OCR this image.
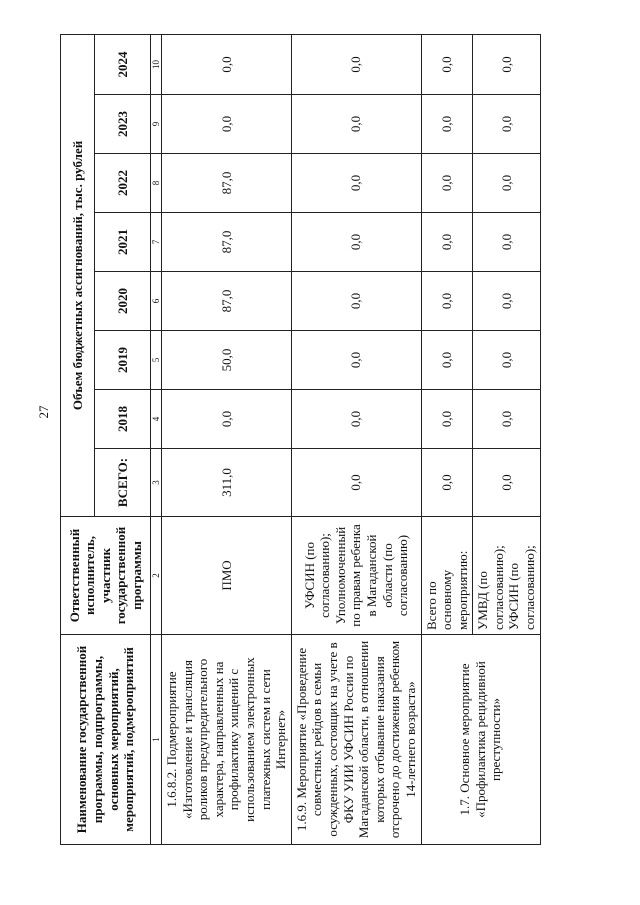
27
Наименование государственной программы, подпрограммы, основных мероприятий, мероприятий, подмероприятий	Ответственный исполнитель, участник государственной программы	Объем бюджетных ассигнований, тыс. рублей							
		ВСЕГО:	2018	2019	2020	2021	2022	2023	2024
1	2	3	4	5	6	7	8	9	10
1.6.8.2. Подмероприятие «Изготовление и трансляция роликов предупредительного характера, направленных на профилактику хищений с использованием электронных платежных систем и сети Интернет»	ПМО	311,0	0,0	50,0	87,0	87,0	87,0	0,0	0,0
1.6.9. Мероприятие «Проведение совместных рейдов в семьи осужденных, состоящих на учете в ФКУ УИИ УФСИН России по Магаданской области, в отношении которых отбывание наказания отсрочено до достижения ребенком 14-летнего возраста»	УФСИН (по согласованию); Уполномоченный по правам ребенка в Магаданской области (по согласованию)	0,0	0,0	0,0	0,0	0,0	0,0	0,0	0,0
1.7. Основное мероприятие «Профилактика рецидивной преступности»	Всего по основному мероприятию:	0,0	0,0	0,0	0,0	0,0	0,0	0,0	0,0
	УМВД (по согласованию); УФСИН (по согласованию);	0,0	0,0	0,0	0,0	0,0	0,0	0,0	0,0
